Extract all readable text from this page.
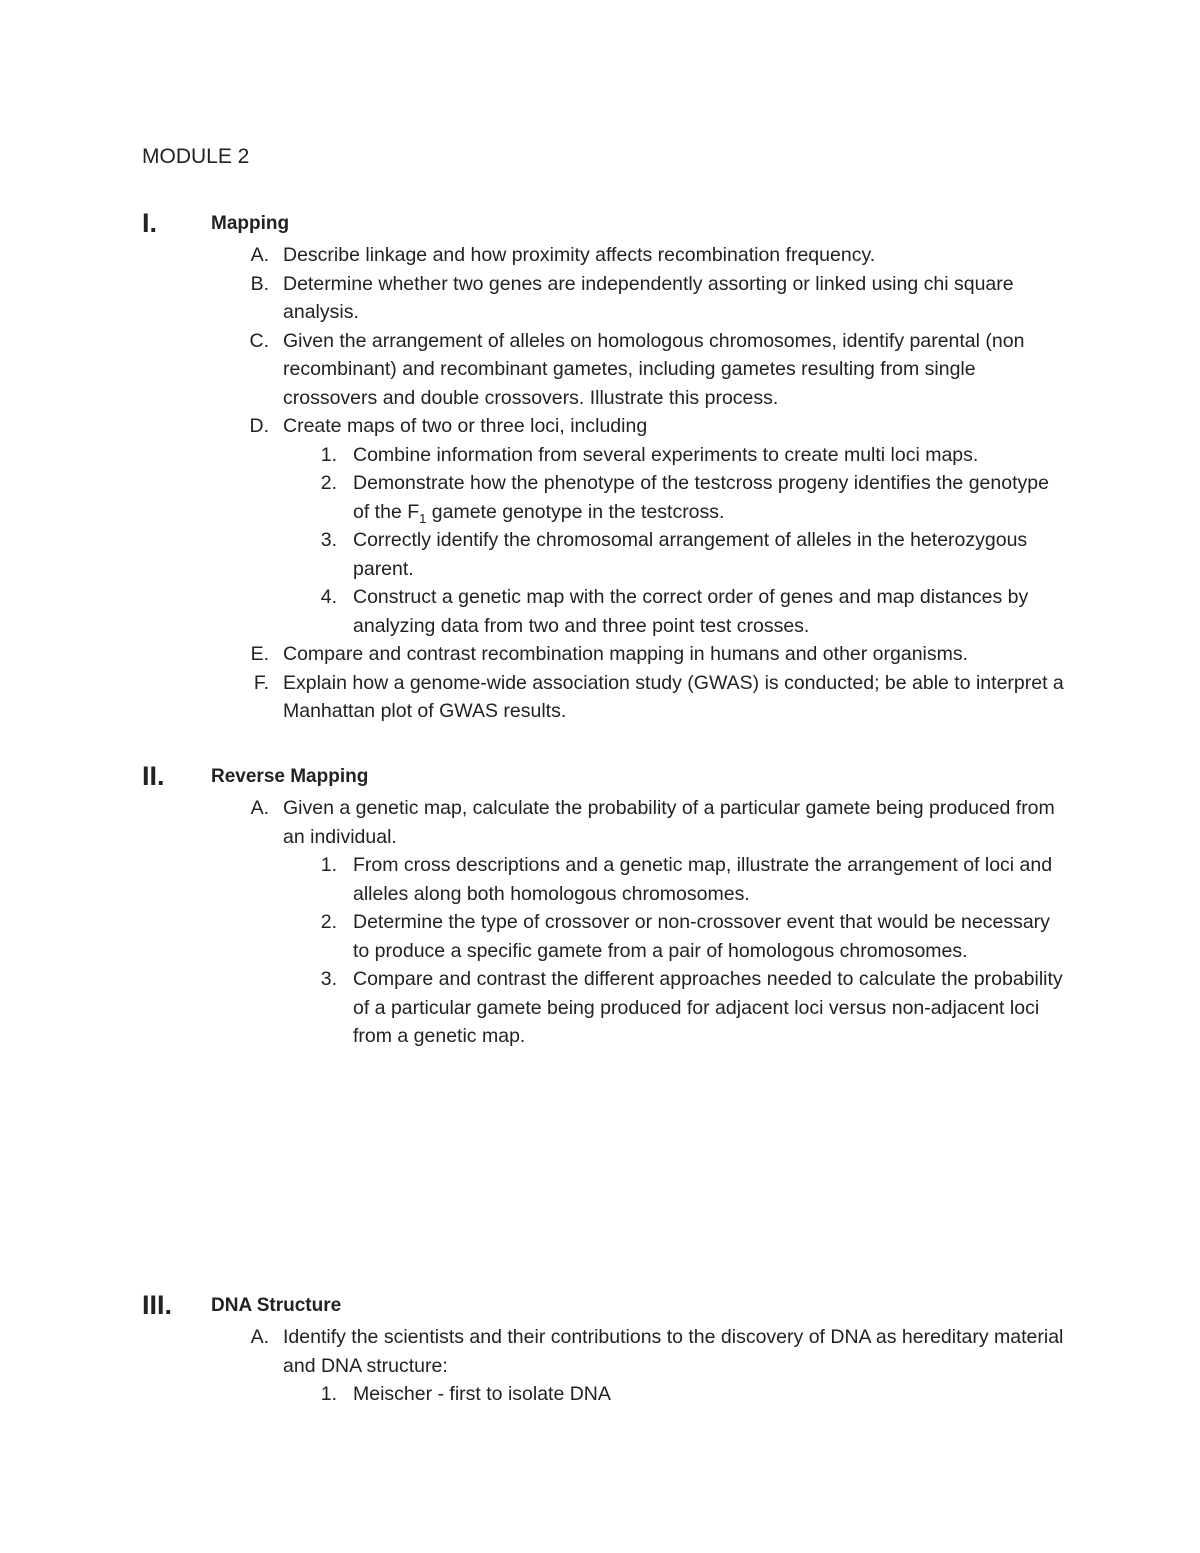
MODULE 2
I.	Mapping
A. Describe linkage and how proximity affects recombination frequency.
B. Determine whether two genes are independently assorting or linked using chi square analysis.
C. Given the arrangement of alleles on homologous chromosomes, identify parental (non recombinant) and recombinant gametes, including gametes resulting from single crossovers and double crossovers. Illustrate this process.
D. Create maps of two or three loci, including
1. Combine information from several experiments to create multi loci maps.
2. Demonstrate how the phenotype of the testcross progeny identifies the genotype of the $F_1$ gamete genotype in the testcross.
3. Correctly identify the chromosomal arrangement of alleles in the heterozygous parent.
4. Construct a genetic map with the correct order of genes and map distances by analyzing data from two and three point test crosses.
E. Compare and contrast recombination mapping in humans and other organisms.
F. Explain how a genome-wide association study (GWAS) is conducted; be able to interpret a Manhattan plot of GWAS results.
II. Reverse Mapping
A. Given a genetic map, calculate the probability of a particular gamete being produced from an individual.
1. From cross descriptions and a genetic map, illustrate the arrangement of loci and alleles along both homologous chromosomes.
2. Determine the type of crossover or non-crossover event that would be necessary to produce a specific gamete from a pair of homologous chromosomes.
3. Compare and contrast the different approaches needed to calculate the probability of a particular gamete being produced for adjacent loci versus non-adjacent loci from a genetic map.
III. DNA Structure
A. Identify the scientists and their contributions to the discovery of DNA as hereditary material and DNA structure:
1. Meischer - first to isolate DNA
